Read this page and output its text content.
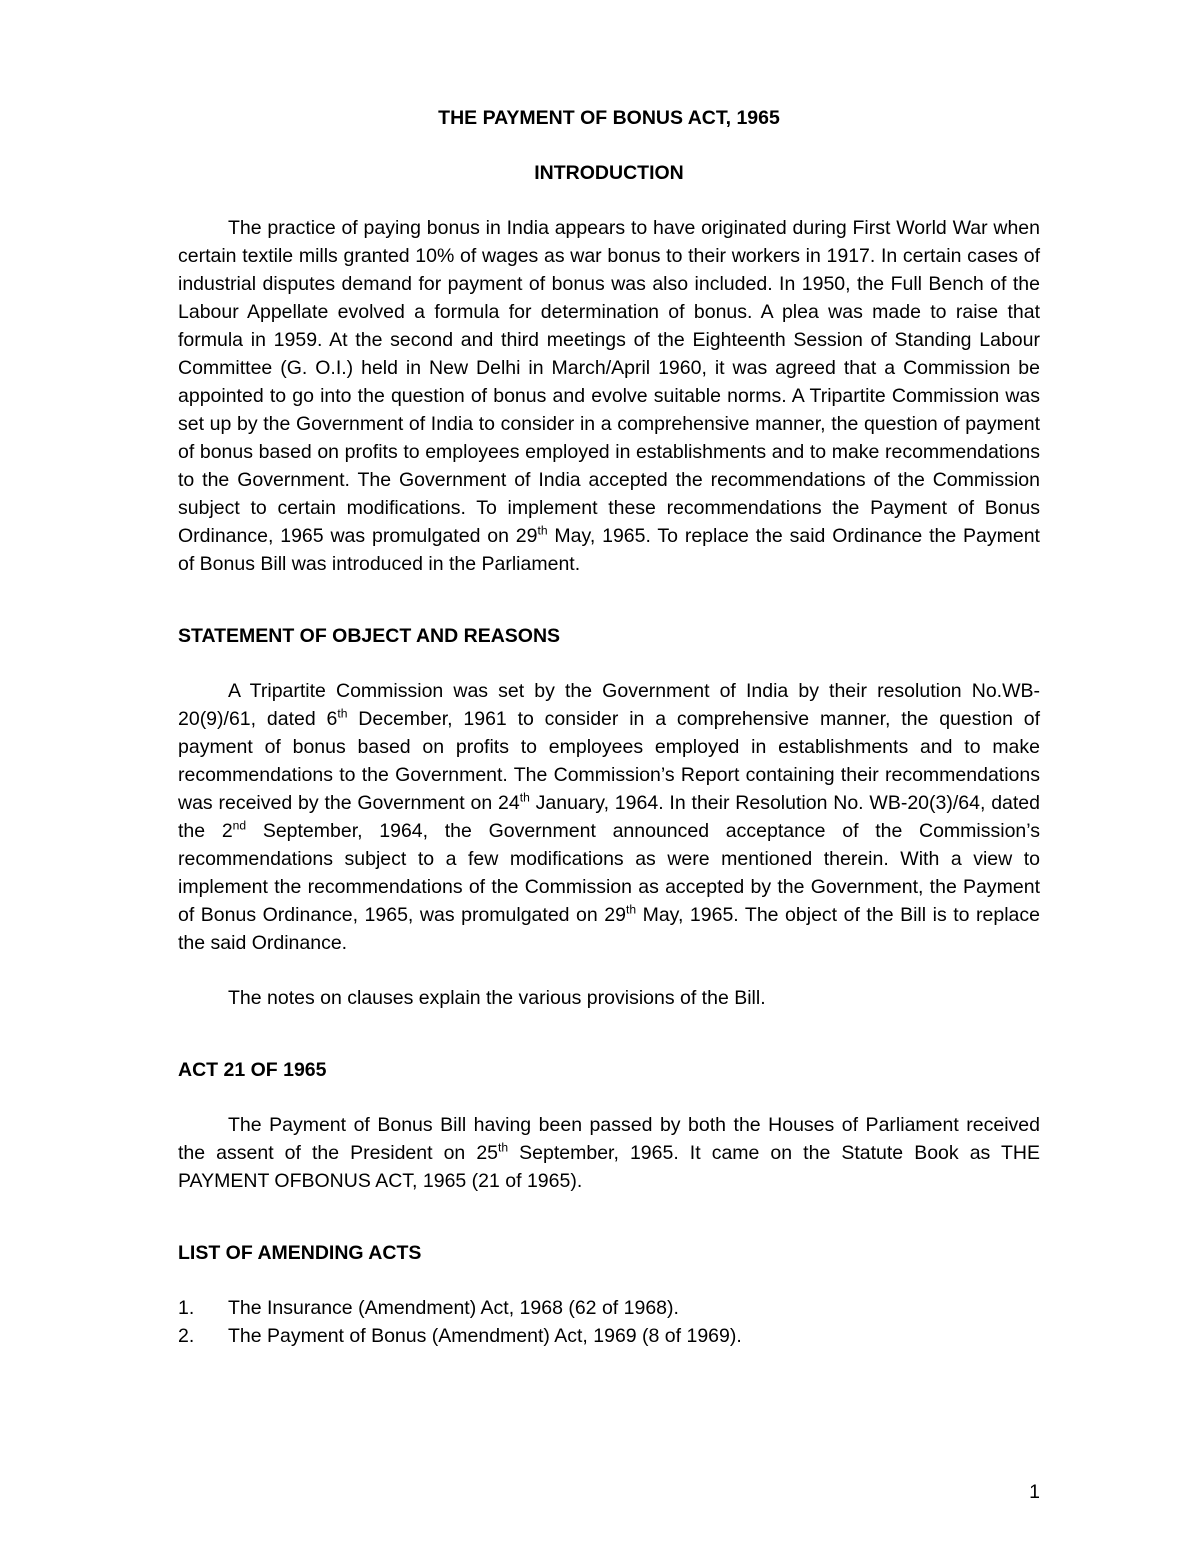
THE PAYMENT OF BONUS ACT, 1965
INTRODUCTION

The practice of paying bonus in India appears to have originated during First World War when certain textile mills granted 10% of wages as war bonus to their workers in 1917. In certain cases of industrial disputes demand for payment of bonus was also included. In 1950, the Full Bench of the Labour Appellate evolved a formula for determination of bonus. A plea was made to raise that formula in 1959. At the second and third meetings of the Eighteenth Session of Standing Labour Committee (G. O.I.) held in New Delhi in March/April 1960, it was agreed that a Commission be appointed to go into the question of bonus and evolve suitable norms. A Tripartite Commission was set up by the Government of India to consider in a comprehensive manner, the question of payment of bonus based on profits to employees employed in establishments and to make recommendations to the Government. The Government of India accepted the recommendations of the Commission subject to certain modifications. To implement these recommendations the Payment of Bonus Ordinance, 1965 was promulgated on 29th May, 1965. To replace the said Ordinance the Payment of Bonus Bill was introduced in the Parliament.

STATEMENT OF OBJECT AND REASONS

A Tripartite Commission was set by the Government of India by their resolution No.WB-20(9)/61, dated 6th December, 1961 to consider in a comprehensive manner, the question of payment of bonus based on profits to employees employed in establishments and to make recommendations to the Government. The Commission’s Report containing their recommendations was received by the Government on 24th January, 1964. In their Resolution No. WB-20(3)/64, dated the 2nd September, 1964, the Government announced acceptance of the Commission’s recommendations subject to a few modifications as were mentioned therein. With a view to implement the recommendations of the Commission as accepted by the Government, the Payment of Bonus Ordinance, 1965, was promulgated on 29th May, 1965. The object of the Bill is to replace the said Ordinance.

The notes on clauses explain the various provisions of the Bill.

ACT 21 OF 1965

The Payment of Bonus Bill having been passed by both the Houses of Parliament received the assent of the President on 25th September, 1965. It came on the Statute Book as THE PAYMENT OFBONUS ACT, 1965 (21 of 1965).

LIST OF AMENDING ACTS
1.	The Insurance (Amendment) Act, 1968 (62 of 1968).
2.	The Payment of Bonus (Amendment) Act, 1969 (8 of 1969).
1
